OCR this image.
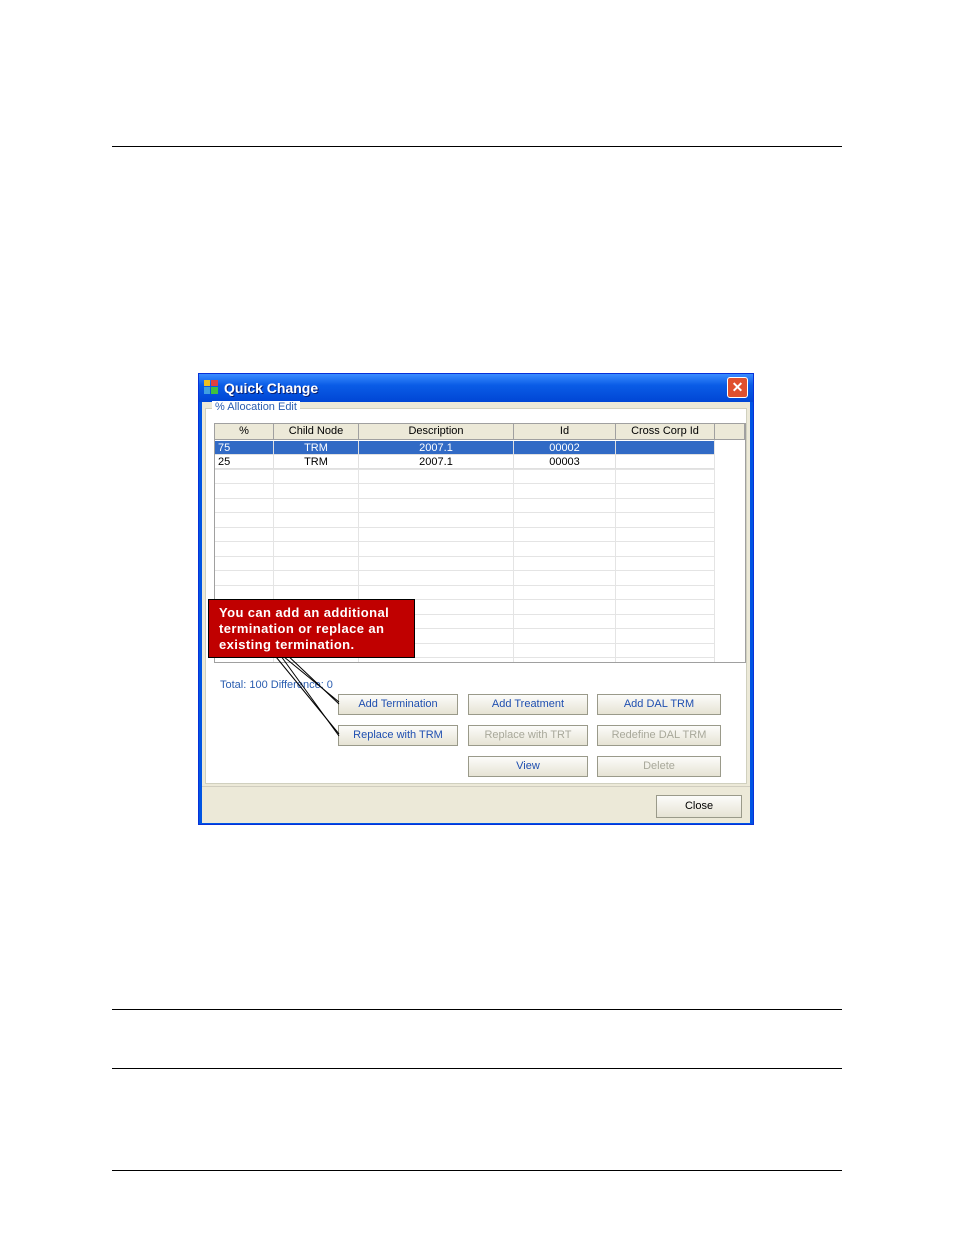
Quick Change	✕
% Allocation Edit
%	Child Node	Description	Id	Cross Corp Id
75	TRM	2007.1	00002
25	TRM	2007.1	00003
Total: 100 Difference: 0
Add Termination	Add Treatment	Add DAL TRM
Replace with TRM	Replace with TRT	Redefine DAL TRM
View	Delete
Close
You can add an additional
termination or replace an
existing termination.
